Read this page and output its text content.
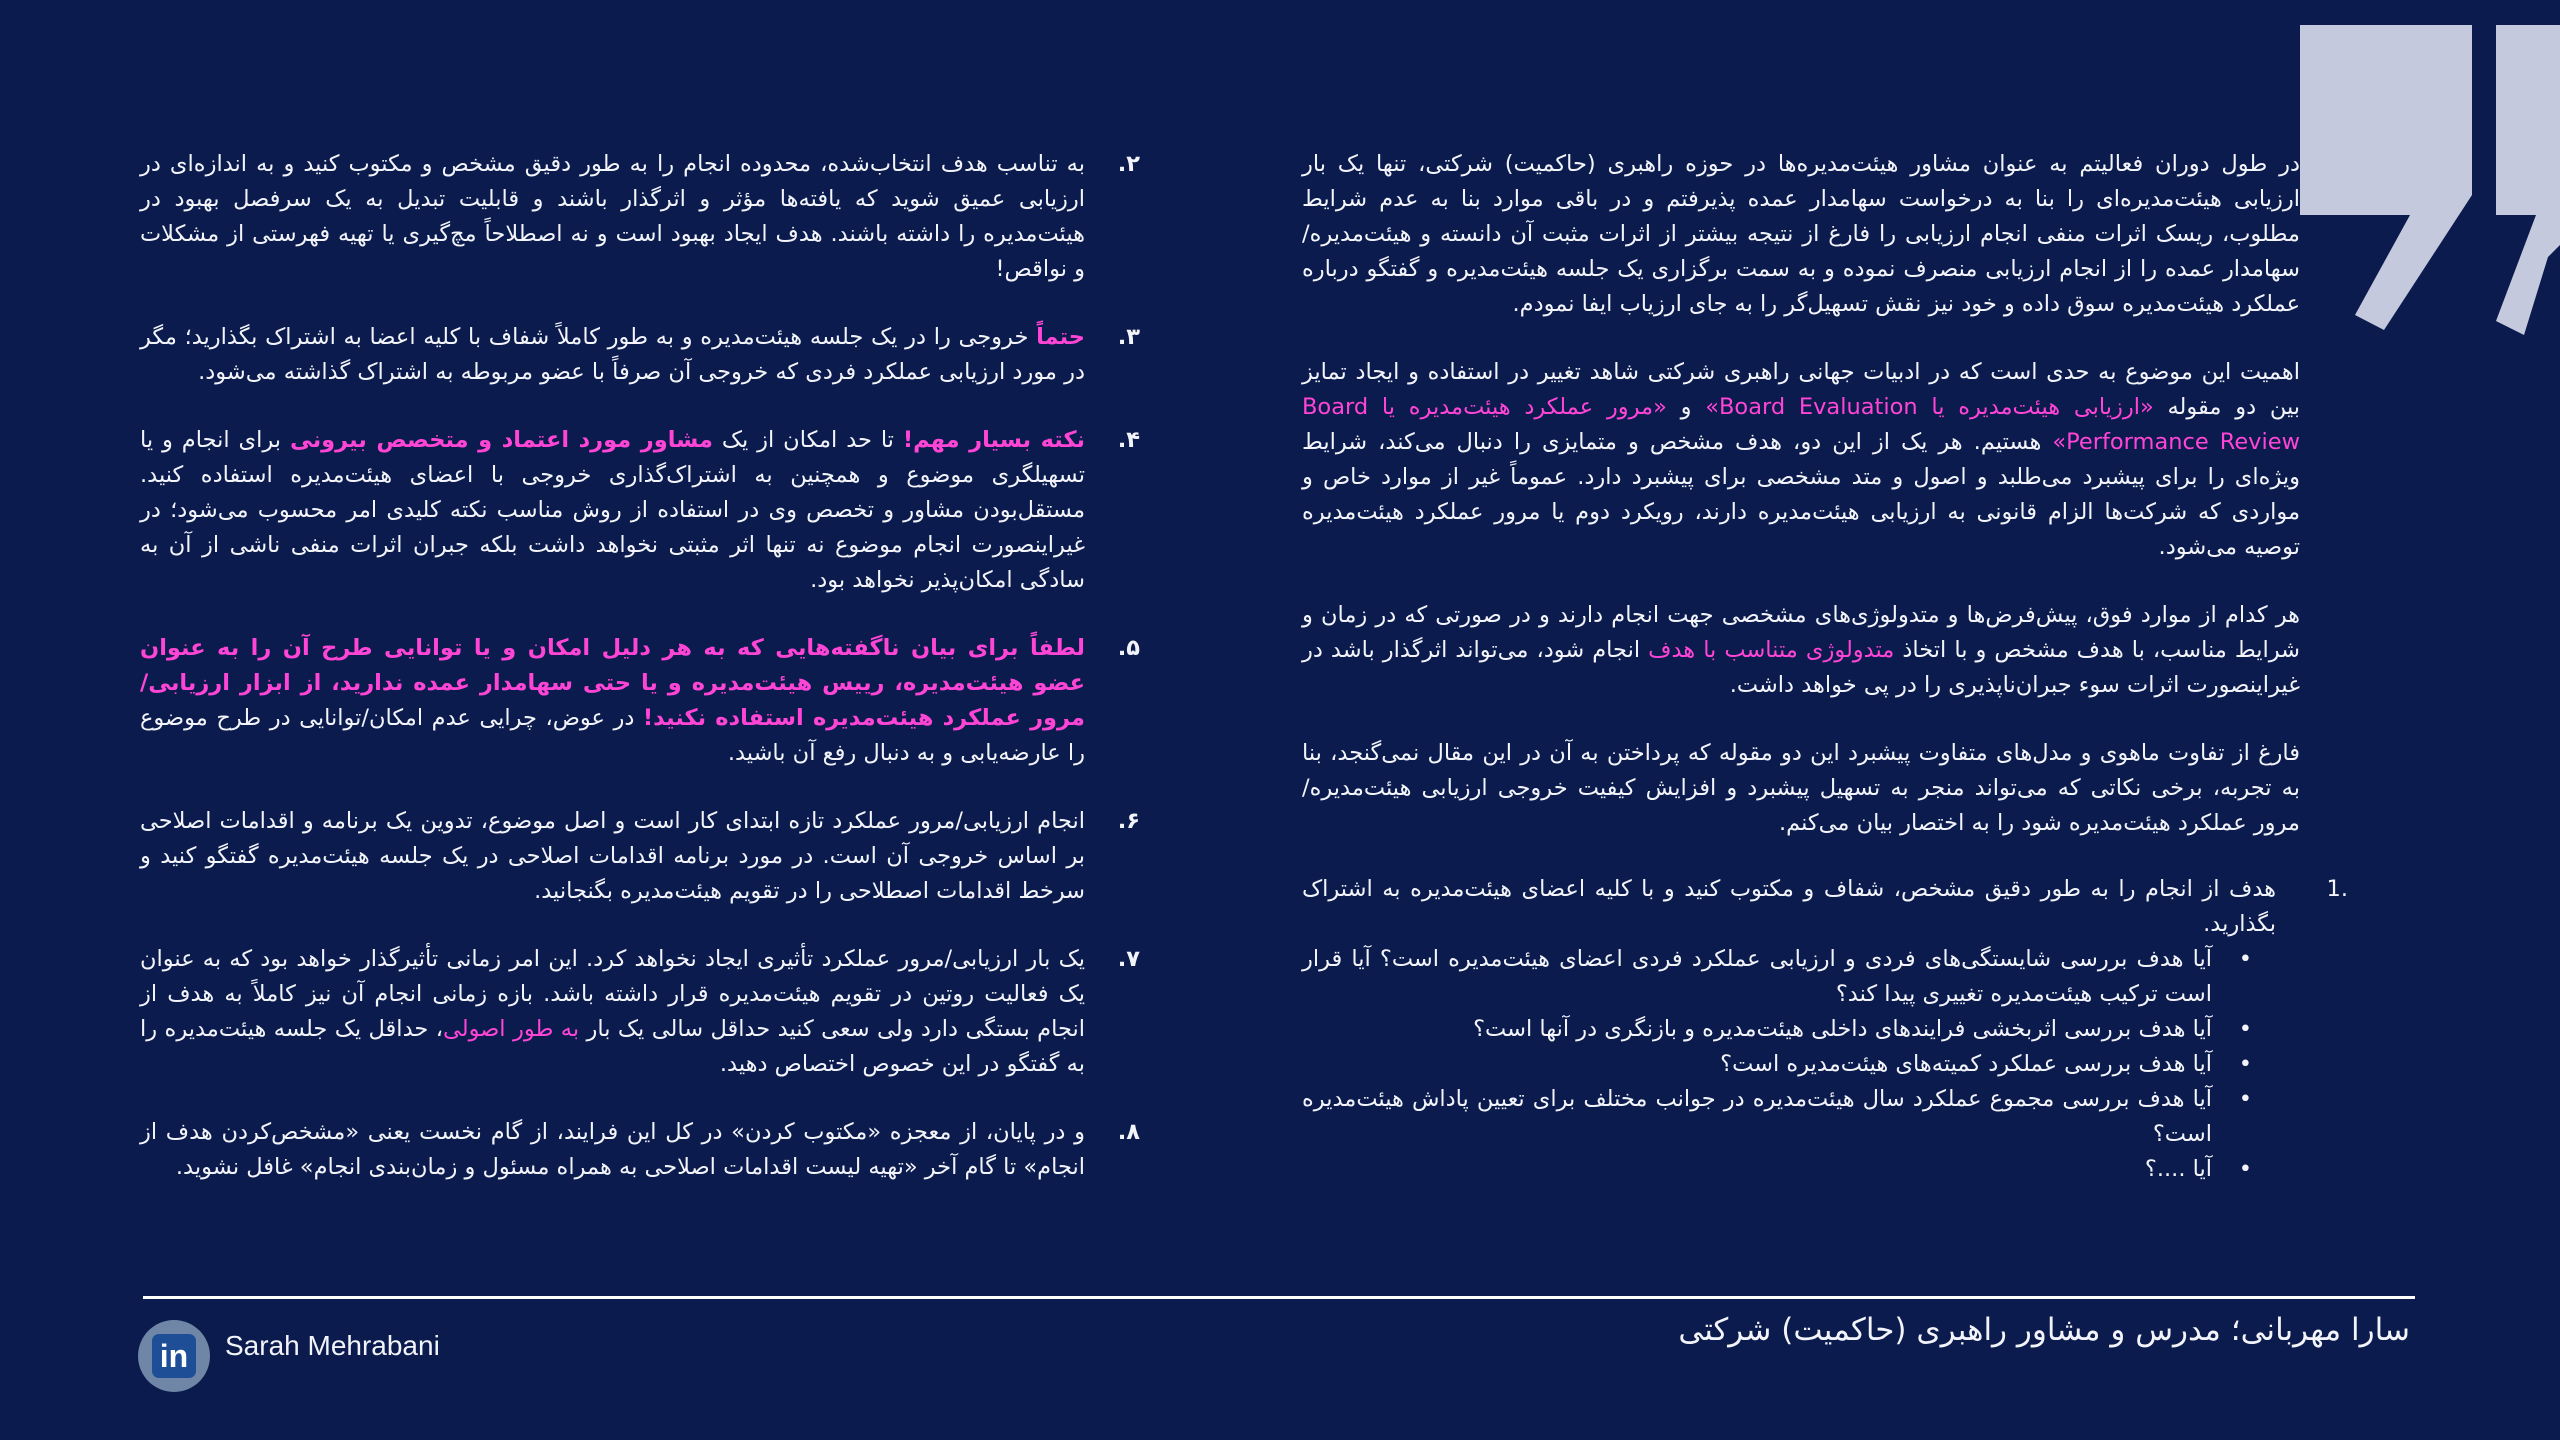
در طول دوران فعالیتم به عنوان مشاور هیئت‌مدیره‌ها در حوزه راهبری (حاکمیت) شرکتی، تنها یک بار ارزیابی هیئت‌مدیره‌ای را بنا به درخواست سهامدار عمده پذیرفتم و در باقی موارد بنا به عدم شرایط مطلوب، ریسک اثرات منفی انجام ارزیابی را فارغ از نتیجه بیشتر از اثرات مثبت آن دانسته و هیئت‌مدیره/سهامدار عمده را از انجام ارزیابی منصرف نموده و به سمت برگزاری یک جلسه هیئت‌مدیره و گفتگو درباره عملکرد هیئت‌مدیره سوق داده و خود نیز نقش تسهیل‌گر را به جای ارزیاب ایفا نمودم.

اهمیت این موضوع به حدی است که در ادبیات جهانی راهبری شرکتی شاهد تغییر در استفاده و ایجاد تمایز بین دو مقوله «ارزیابی هیئت‌مدیره یا Board Evaluation» و «مرور عملکرد هیئت‌مدیره یا Board Performance Review» هستیم. هر یک از این دو، هدف مشخص و متمایزی را دنبال می‌کند، شرایط ویژه‌ای را برای پیشبرد می‌طلبد و اصول و متد مشخصی برای پیشبرد دارد. عموماً غیر از موارد خاص و مواردی که شرکت‌ها الزام قانونی به ارزیابی هیئت‌مدیره دارند، رویکرد دوم یا مرور عملکرد هیئت‌مدیره توصیه می‌شود.

هر کدام از موارد فوق، پیش‌فرض‌ها و متدولوژی‌های مشخصی جهت انجام دارند و در صورتی که در زمان و شرایط مناسب، با هدف مشخص و با اتخاذ متدولوژی متناسب با هدف انجام شود، می‌تواند اثرگذار باشد در غیراینصورت اثرات سوء جبران‌ناپذیری را در پی خواهد داشت.

فارغ از تفاوت ماهوی و مدل‌های متفاوت پیشبرد این دو مقوله که پرداختن به آن در این مقال نمی‌گنجد، بنا به تجربه، برخی نکاتی که می‌تواند منجر به تسهیل پیشبرد و افزایش کیفیت خروجی ارزیابی هیئت‌مدیره/مرور عملکرد هیئت‌مدیره شود را به اختصار بیان می‌کنم.

1.
هدف از انجام را به طور دقیق مشخص، شفاف و مکتوب کنید و با کلیه اعضای هیئت‌مدیره به اشتراک بگذارید.
• آیا هدف بررسی شایستگی‌های فردی و ارزیابی عملکرد فردی اعضای هیئت‌مدیره است؟ آیا قرار است ترکیب هیئت‌مدیره تغییری پیدا کند؟
• آیا هدف بررسی اثربخشی فرایندهای داخلی هیئت‌مدیره و بازنگری در آنها است؟
• آیا هدف بررسی عملکرد کمیته‌های هیئت‌مدیره است؟
• آیا هدف بررسی مجموع عملکرد سال هیئت‌مدیره در جوانب مختلف برای تعیین پاداش هیئت‌مدیره است؟
• آیا ....؟
.۲
به تناسب هدف انتخاب‌شده، محدوده انجام را به طور دقیق مشخص و مکتوب کنید و به اندازه‌ای در ارزیابی عمیق شوید که یافته‌ها مؤثر و اثرگذار باشند و قابلیت تبدیل به یک سرفصل بهبود در هیئت‌مدیره را داشته باشند. هدف ایجاد بهبود است و نه اصطلاحاً مچ‌گیری یا تهیه فهرستی از مشکلات و نواقص!
.۳
حتماً خروجی را در یک جلسه هیئت‌مدیره و به طور کاملاً شفاف با کلیه اعضا به اشتراک بگذارید؛ مگر در مورد ارزیابی عملکرد فردی که خروجی آن صرفاً با عضو مربوطه به اشتراک گذاشته می‌شود.
.۴
نکته بسیار مهم! تا حد امکان از یک مشاور مورد اعتماد و متخصص بیرونی برای انجام و یا تسهیلگری موضوع و همچنین به اشتراک‌گذاری خروجی با اعضای هیئت‌مدیره استفاده کنید. مستقل‌بودن مشاور و تخصص وی در استفاده از روش مناسب نکته کلیدی امر محسوب می‌شود؛ در غیراینصورت انجام موضوع نه تنها اثر مثبتی نخواهد داشت بلکه جبران اثرات منفی ناشی از آن به سادگی امکان‌پذیر نخواهد بود.
.۵
لطفاً برای بیان ناگفته‌هایی که به هر دلیل امکان و یا توانایی طرح آن را به عنوان عضو هیئت‌مدیره، رییس هیئت‌مدیره و یا حتی سهامدار عمده ندارید، از ابزار ارزیابی/مرور عملکرد هیئت‌مدیره استفاده نکنید! در عوض، چرایی عدم امکان/توانایی در طرح موضوع را عارضه‌یابی و به دنبال رفع آن باشید.
.۶
انجام ارزیابی/مرور عملکرد تازه ابتدای کار است و اصل موضوع، تدوین یک برنامه و اقدامات اصلاحی بر اساس خروجی آن است. در مورد برنامه اقدامات اصلاحی در یک جلسه هیئت‌مدیره گفتگو کنید و سرخط اقدامات اصطلاحی را در تقویم هیئت‌مدیره بگنجانید.
.۷
یک بار ارزیابی/مرور عملکرد تأثیری ایجاد نخواهد کرد. این امر زمانی تأثیرگذار خواهد بود که به عنوان یک فعالیت روتین در تقویم هیئت‌مدیره قرار داشته باشد. بازه زمانی انجام آن نیز کاملاً به هدف از انجام بستگی دارد ولی سعی کنید حداقل سالی یک بار به طور اصولی، حداقل یک جلسه هیئت‌مدیره را به گفتگو در این خصوص اختصاص دهید.
.۸
و در پایان، از معجزه «مکتوب کردن» در کل این فرایند، از گام نخست یعنی «مشخص‌کردن هدف از انجام» تا گام آخر «تهیه لیست اقدامات اصلاحی به همراه مسئول و زمان‌بندی انجام» غافل نشوید.
سارا مهربانی؛ مدرس و مشاور راهبری (حاکمیت) شرکتی
in Sarah Mehrabani
